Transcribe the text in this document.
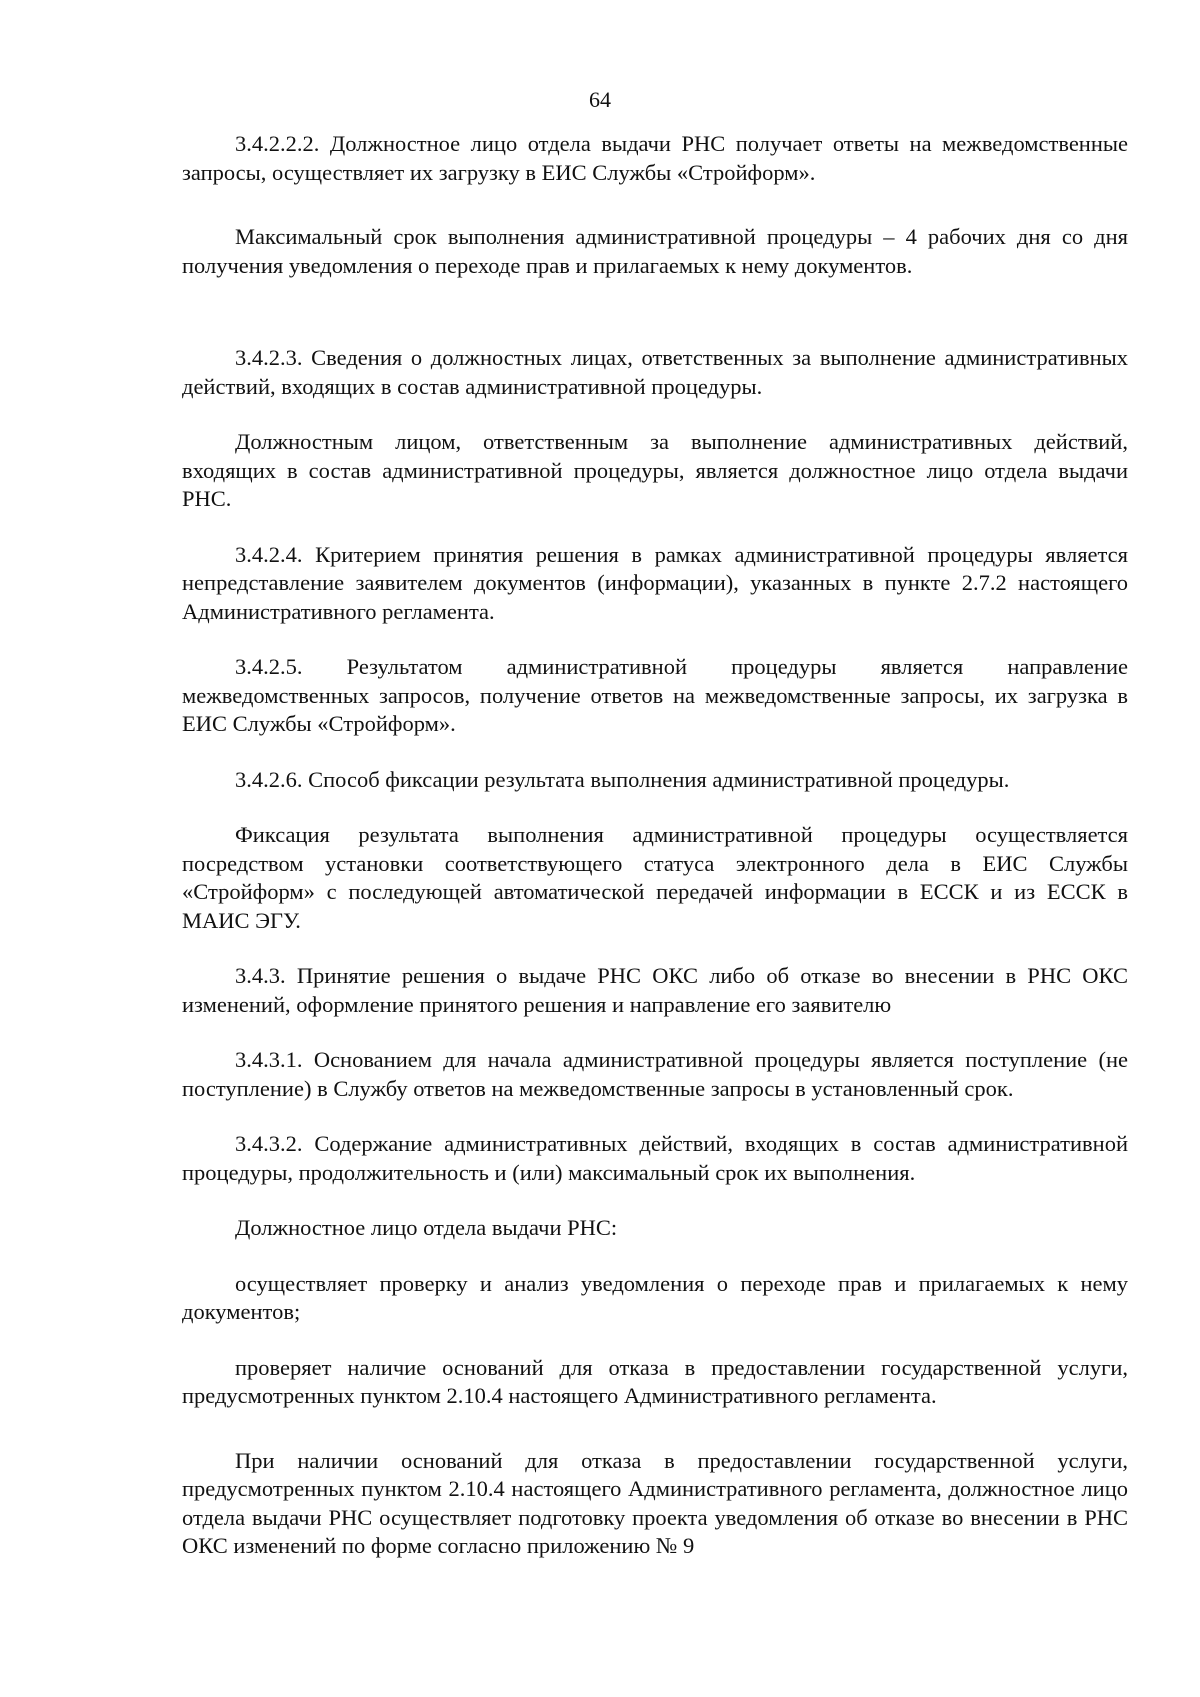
64

3.4.2.2.2. Должностное лицо отдела выдачи РНС получает ответы на межведомственные запросы, осуществляет их загрузку в ЕИС Службы «Стройформ».

Максимальный срок выполнения административной процедуры – 4 рабочих дня со дня получения уведомления о переходе прав и прилагаемых к нему документов.

3.4.2.3. Сведения о должностных лицах, ответственных за выполнение административных действий, входящих в состав административной процедуры.

Должностным лицом, ответственным за выполнение административных действий, входящих в состав административной процедуры, является должностное лицо отдела выдачи РНС.

3.4.2.4. Критерием принятия решения в рамках административной процедуры является непредставление заявителем документов (информации), указанных в пункте 2.7.2 настоящего Административного регламента.

3.4.2.5. Результатом административной процедуры является направление межведомственных запросов, получение ответов на межведомственные запросы, их загрузка в ЕИС Службы «Стройформ».

3.4.2.6. Способ фиксации результата выполнения административной процедуры.

Фиксация результата выполнения административной процедуры осуществляется посредством установки соответствующего статуса электронного дела в ЕИС Службы «Стройформ» с последующей автоматической передачей информации в ЕССК и из ЕССК в МАИС ЭГУ.

3.4.3. Принятие решения о выдаче РНС ОКС либо об отказе во внесении в РНС ОКС изменений, оформление принятого решения и направление его заявителю

3.4.3.1. Основанием для начала административной процедуры является поступление (не поступление) в Службу ответов на межведомственные запросы в установленный срок.

3.4.3.2. Содержание административных действий, входящих в состав административной процедуры, продолжительность и (или) максимальный срок их выполнения.

Должностное лицо отдела выдачи РНС:

осуществляет проверку и анализ уведомления о переходе прав и прилагаемых к нему документов;

проверяет наличие оснований для отказа в предоставлении государственной услуги, предусмотренных пунктом 2.10.4 настоящего Административного регламента.

При наличии оснований для отказа в предоставлении государственной услуги, предусмотренных пунктом 2.10.4 настоящего Административного регламента, должностное лицо отдела выдачи РНС осуществляет подготовку проекта уведомления об отказе во внесении в РНС ОКС изменений по форме согласно приложению № 9
